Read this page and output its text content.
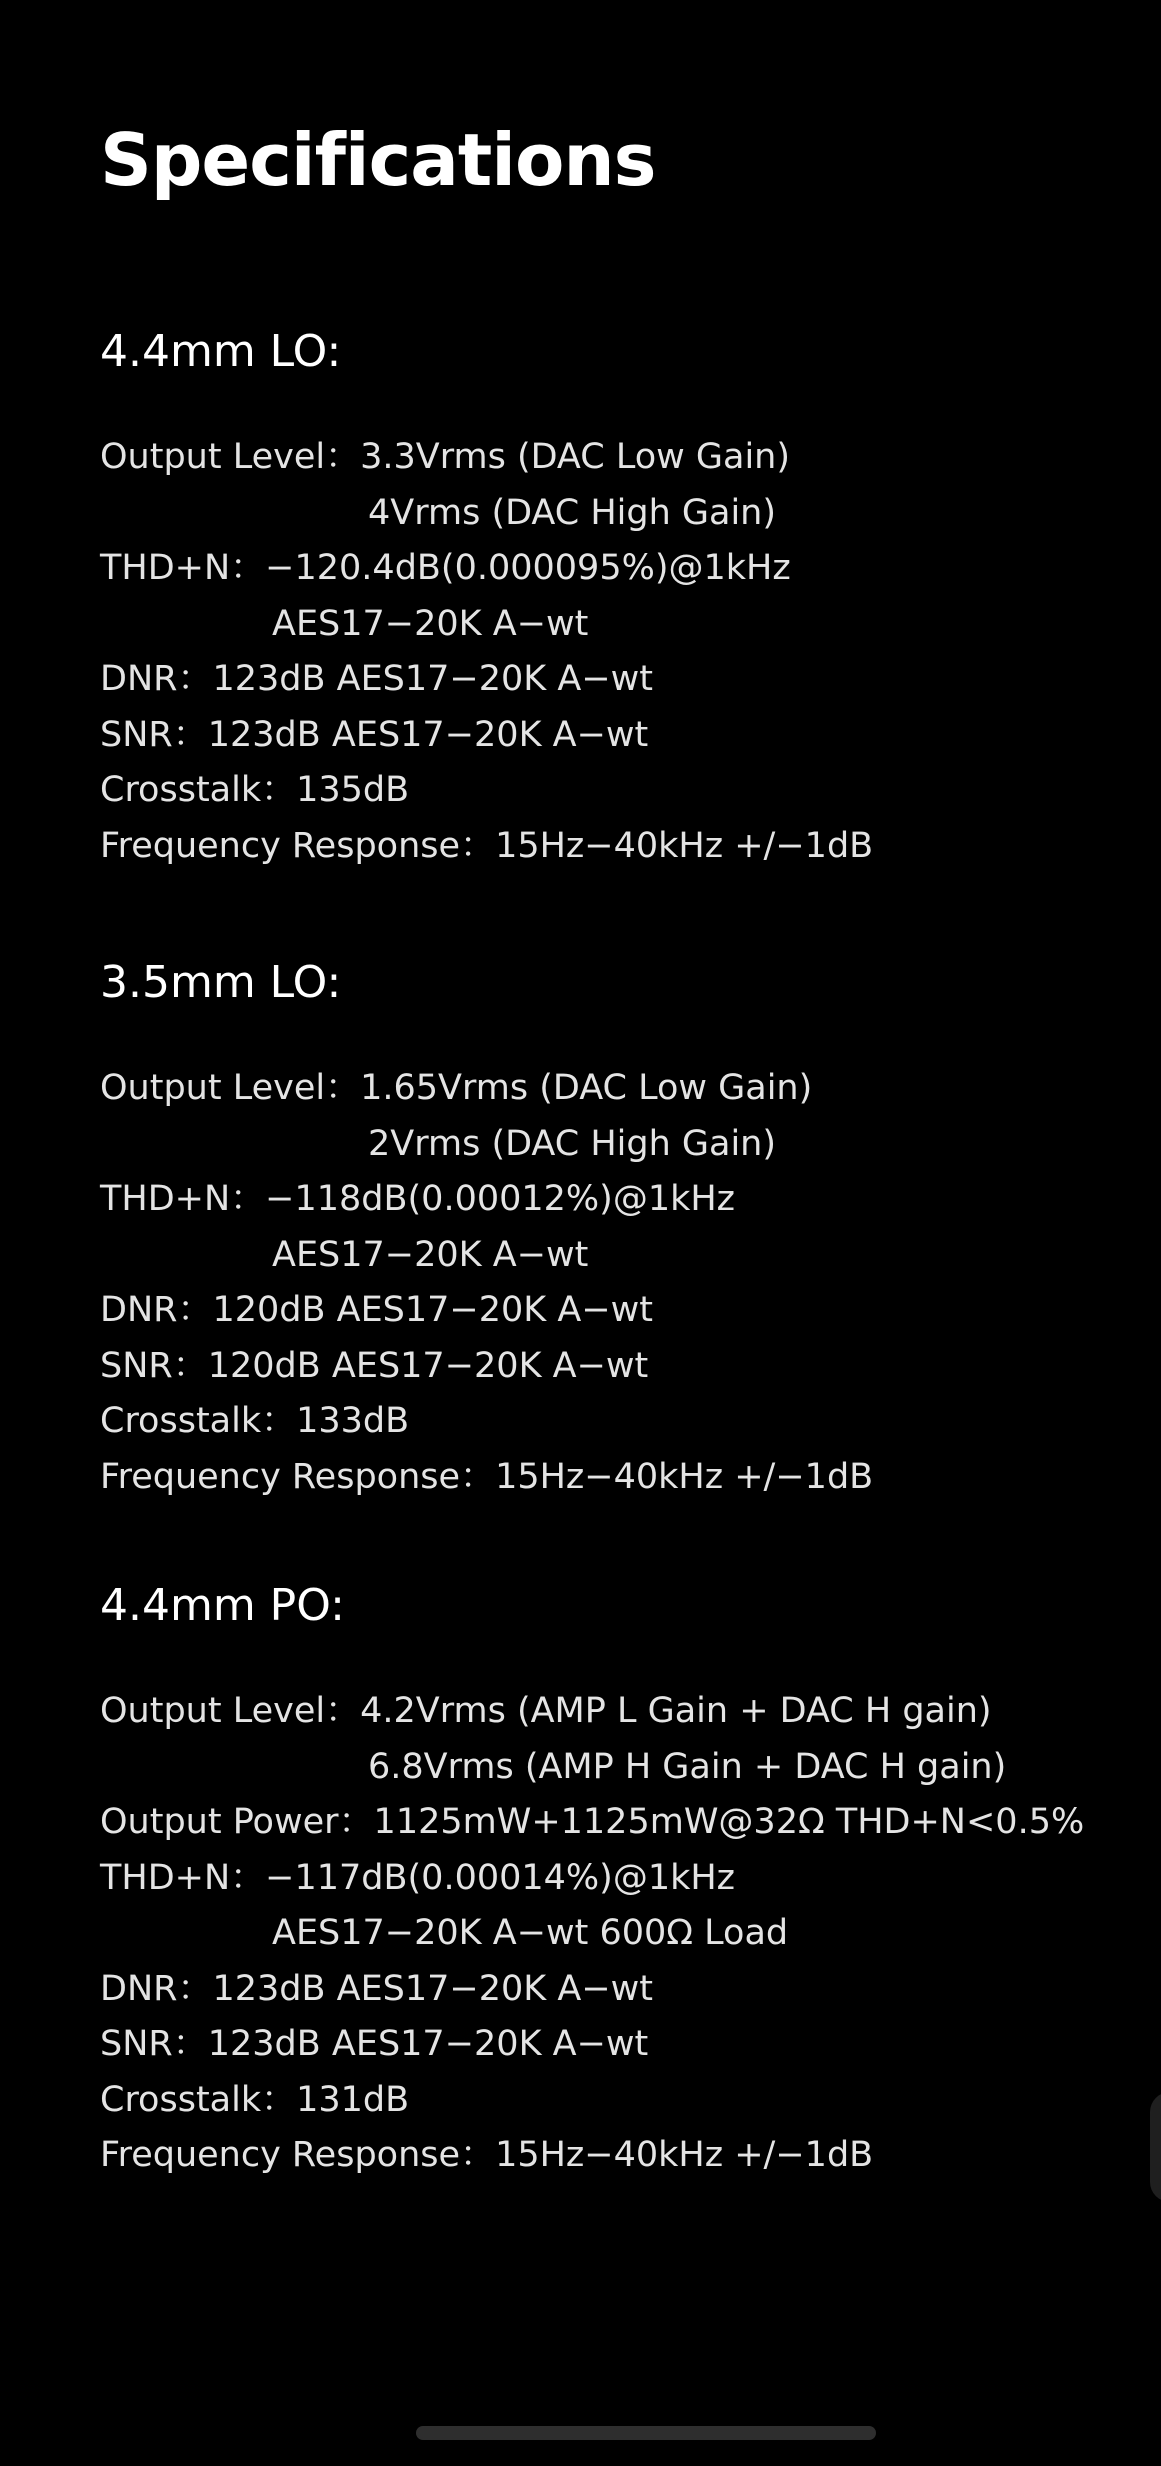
Specifications
4.4mm LO:
Output Level：3.3Vrms (DAC Low Gain)
4Vrms (DAC High Gain)
THD+N：−120.4dB(0.000095%)@1kHz
AES17−20K A−wt
DNR：123dB AES17−20K A−wt
SNR：123dB AES17−20K A−wt
Crosstalk：135dB
Frequency Response：15Hz−40kHz +/−1dB
3.5mm LO:
Output Level：1.65Vrms (DAC Low Gain)
2Vrms (DAC High Gain)
THD+N：−118dB(0.00012%)@1kHz
AES17−20K A−wt
DNR：120dB AES17−20K A−wt
SNR：120dB AES17−20K A−wt
Crosstalk：133dB
Frequency Response：15Hz−40kHz +/−1dB
4.4mm PO:
Output Level：4.2Vrms (AMP L Gain + DAC H gain)
6.8Vrms (AMP H Gain + DAC H gain)
Output Power：1125mW+1125mW@32Ω THD+N<0.5%
THD+N：−117dB(0.00014%)@1kHz
AES17−20K A−wt 600Ω Load
DNR：123dB AES17−20K A−wt
SNR：123dB AES17−20K A−wt
Crosstalk：131dB
Frequency Response：15Hz−40kHz +/−1dB
